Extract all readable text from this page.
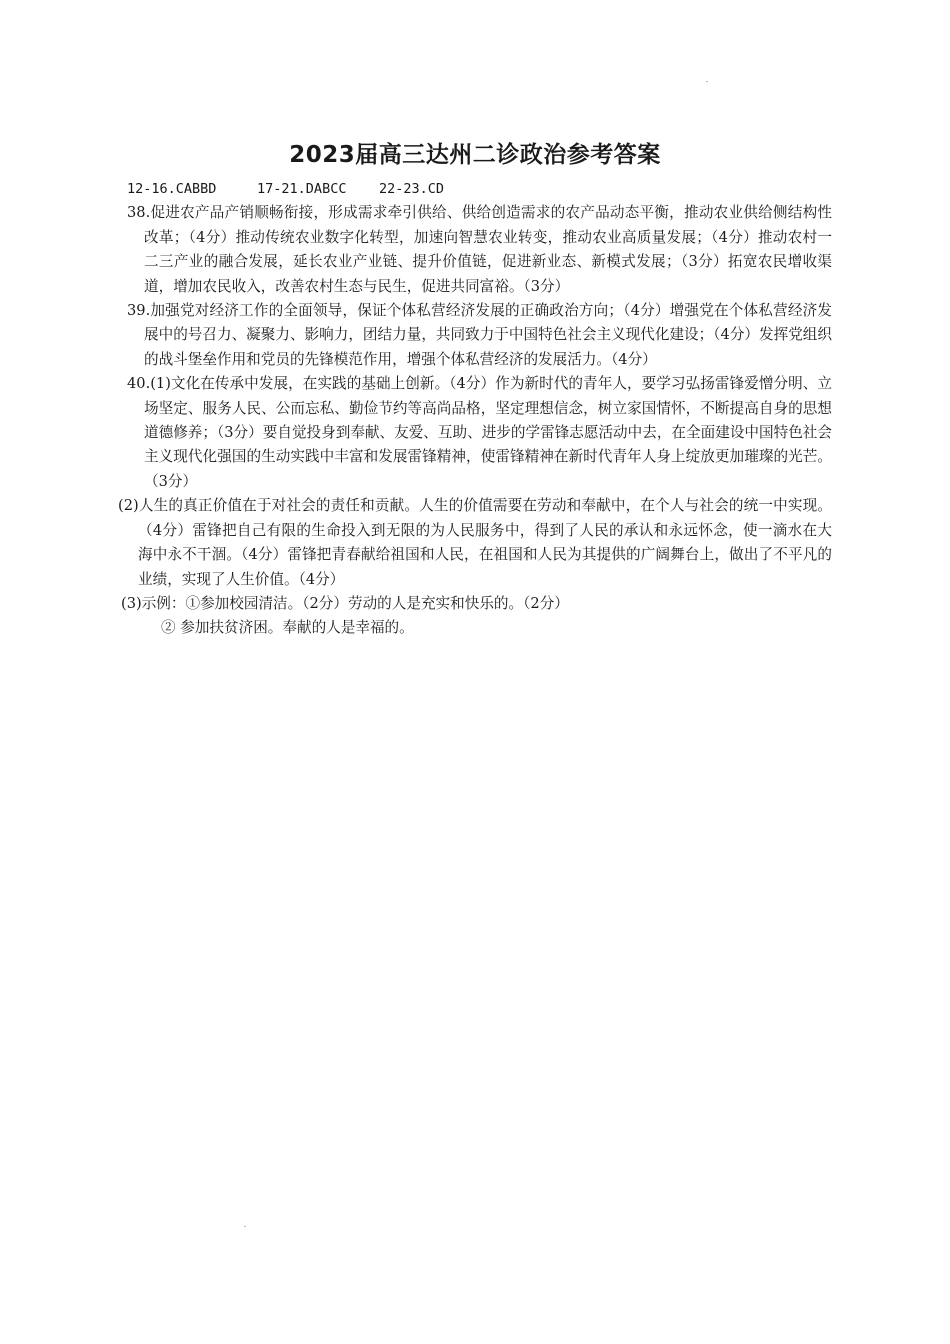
2023届高三达州二诊政治参考答案
12-16.CABBD     17-21.DABCC    22-23.CD

38.促进农产品产销顺畅衔接，形成需求牵引供给、供给创造需求的农产品动态平衡，推动农业供给侧结构性改革；（4分）推动传统农业数字化转型，加速向智慧农业转变，推动农业高质量发展；（4分）推动农村一二三产业的融合发展，延长农业产业链、提升价值链，促进新业态、新模式发展；（3分）拓宽农民增收渠道，增加农民收入，改善农村生态与民生，促进共同富裕。（3分）

39.加强党对经济工作的全面领导，保证个体私营经济发展的正确政治方向；（4分）增强党在个体私营经济发展中的号召力、凝聚力、影响力，团结力量，共同致力于中国特色社会主义现代化建设；（4分）发挥党组织的战斗堡垒作用和党员的先锋模范作用，增强个体私营经济的发展活力。（4分）

40.(1)文化在传承中发展，在实践的基础上创新。（4分）作为新时代的青年人，要学习弘扬雷锋爱憎分明、立场坚定、服务人民、公而忘私、勤俭节约等高尚品格，坚定理想信念，树立家国情怀，不断提高自身的思想道德修养；（3分）要自觉投身到奉献、友爱、互助、进步的学雷锋志愿活动中去，在全面建设中国特色社会主义现代化强国的生动实践中丰富和发展雷锋精神，使雷锋精神在新时代青年人身上绽放更加璀璨的光芒。（3分）

(2)人生的真正价值在于对社会的责任和贡献。人生的价值需要在劳动和奉献中，在个人与社会的统一中实现。（4分）雷锋把自己有限的生命投入到无限的为人民服务中，得到了人民的承认和永远怀念，使一滴水在大海中永不干涸。（4分）雷锋把青春献给祖国和人民，在祖国和人民为其提供的广阔舞台上，做出了不平凡的业绩，实现了人生价值。（4分）

(3)示例：①参加校园清洁。（2分）劳动的人是充实和快乐的。（2分）

② 参加扶贫济困。奉献的人是幸福的。
